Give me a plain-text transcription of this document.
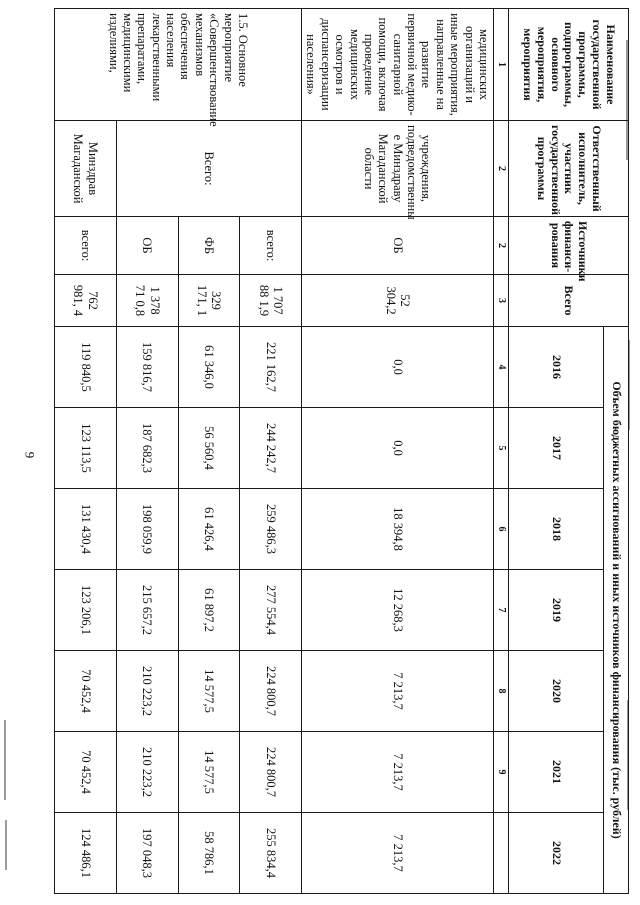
9
Наименование государственной программы, подпрограммы, основного мероприятия, мероприятия	Ответственный исполнитель, участник государственной программы	Источники финанси-рования	Всего	Объем бюджетных ассигнований и иных источников финансирования (тыс. рублей)						
				2016	2017	2018	2019	2020	2021	2022
1	2	2	3	4	5	6	7	8	9	
медицинских организаций и иные мероприятия, направленные на развитие первичной медико-санитарной помощи, включая проведение медицинских осмотров и диспансеризации населения»	учреждения, подведомственны е Минздраву Магаданской области	ОБ	52 304,2	0,0	0,0	18 394,8	12 268,3	7 213,7	7 213,7	7 213,7
1.5. Основное мероприятие «Совершенствование механизмов обеспечения населения лекарственными препаратами, медицинскими изделиями,	Всего:	всего:	1 707 88 1,9	221 162,7	244 242,7	259 486,3	277 554,4	224 800,7	224 800,7	255 834,4
		ФБ	329 171, 1	61 346,0	56 560,4	61 426,4	61 897,2	14 577,5	14 577,5	58 786,1
		ОБ	1 378 71 0,8	159 816,7	187 682,3	198 059,9	215 657,2	210 223,2	210 223,2	197 048,3
	Минздрав Магаданской	всего:	762 981, 4	119 840,5	123 113,5	131 430,4	123 206,1	70 452,4	70 452,4	124 486,1
